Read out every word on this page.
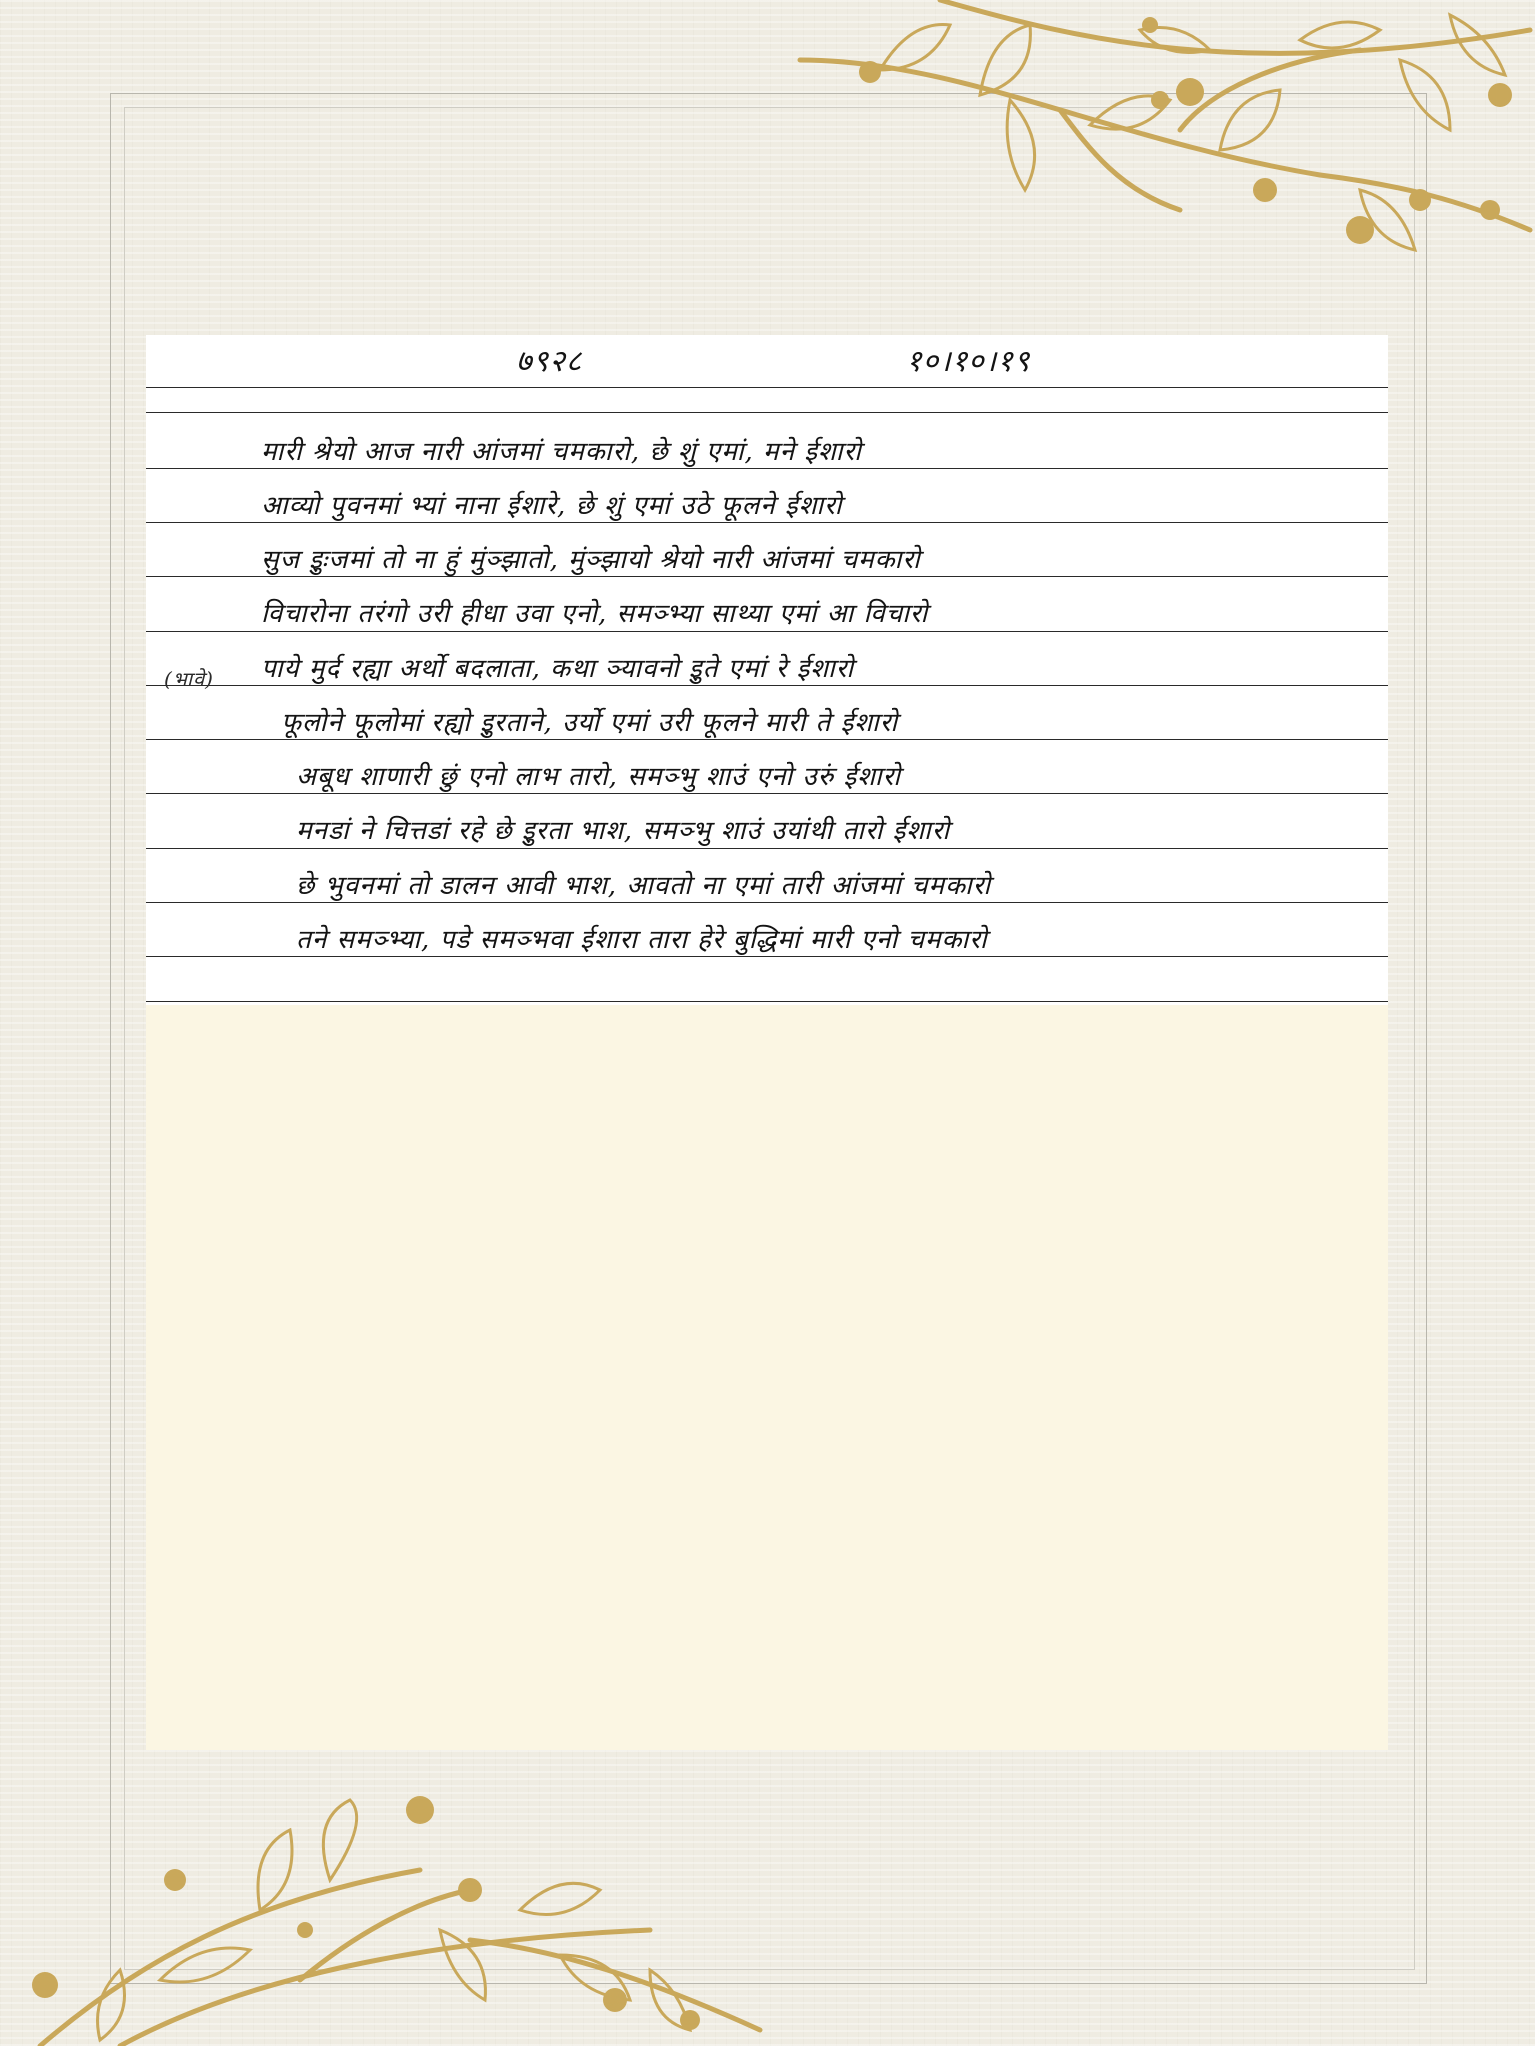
७९२८	१०।१०।१९
(भावे)
मारी श्रेयो आज नारी आंजमां चमकारो, छे शुं एमां, मने ईशारो
आव्यो पुवनमां भ्यां नाना ईशारे, छे शुं एमां उठे फूलने ईशारो
सुज इुःजमां तो ना हुं मुंञ्झातो, मुंञ्झायो श्रेयो नारी आंजमां चमकारो
विचारोना तरंगो उरी हीधा उवा एनो, समञ्भ्या साथ्या एमां आ विचारो
पाये मुर्द रह्या अर्थो बदलाता, कथा ञ्यावनो इुते एमां रे ईशारो
फूलोने फूलोमां रह्यो इुरताने, उर्यो एमां उरी फूलने मारी ते ईशारो
अबूध शाणारी छुं एनो लाभ तारो, समञ्भु शाउं एनो उरुं ईशारो
मनडां ने चित्तडां रहे छे इुरता भाश, समञ्भु शाउं उयांथी तारो ईशारो
छे भुवनमां तो डालन आवी भाश, आवतो ना एमां तारी आंजमां चमकारो
तने समञ्भ्या, पडे समञ्भवा ईशारा तारा हेरे बुद्धिमां मारी एनो चमकारो
